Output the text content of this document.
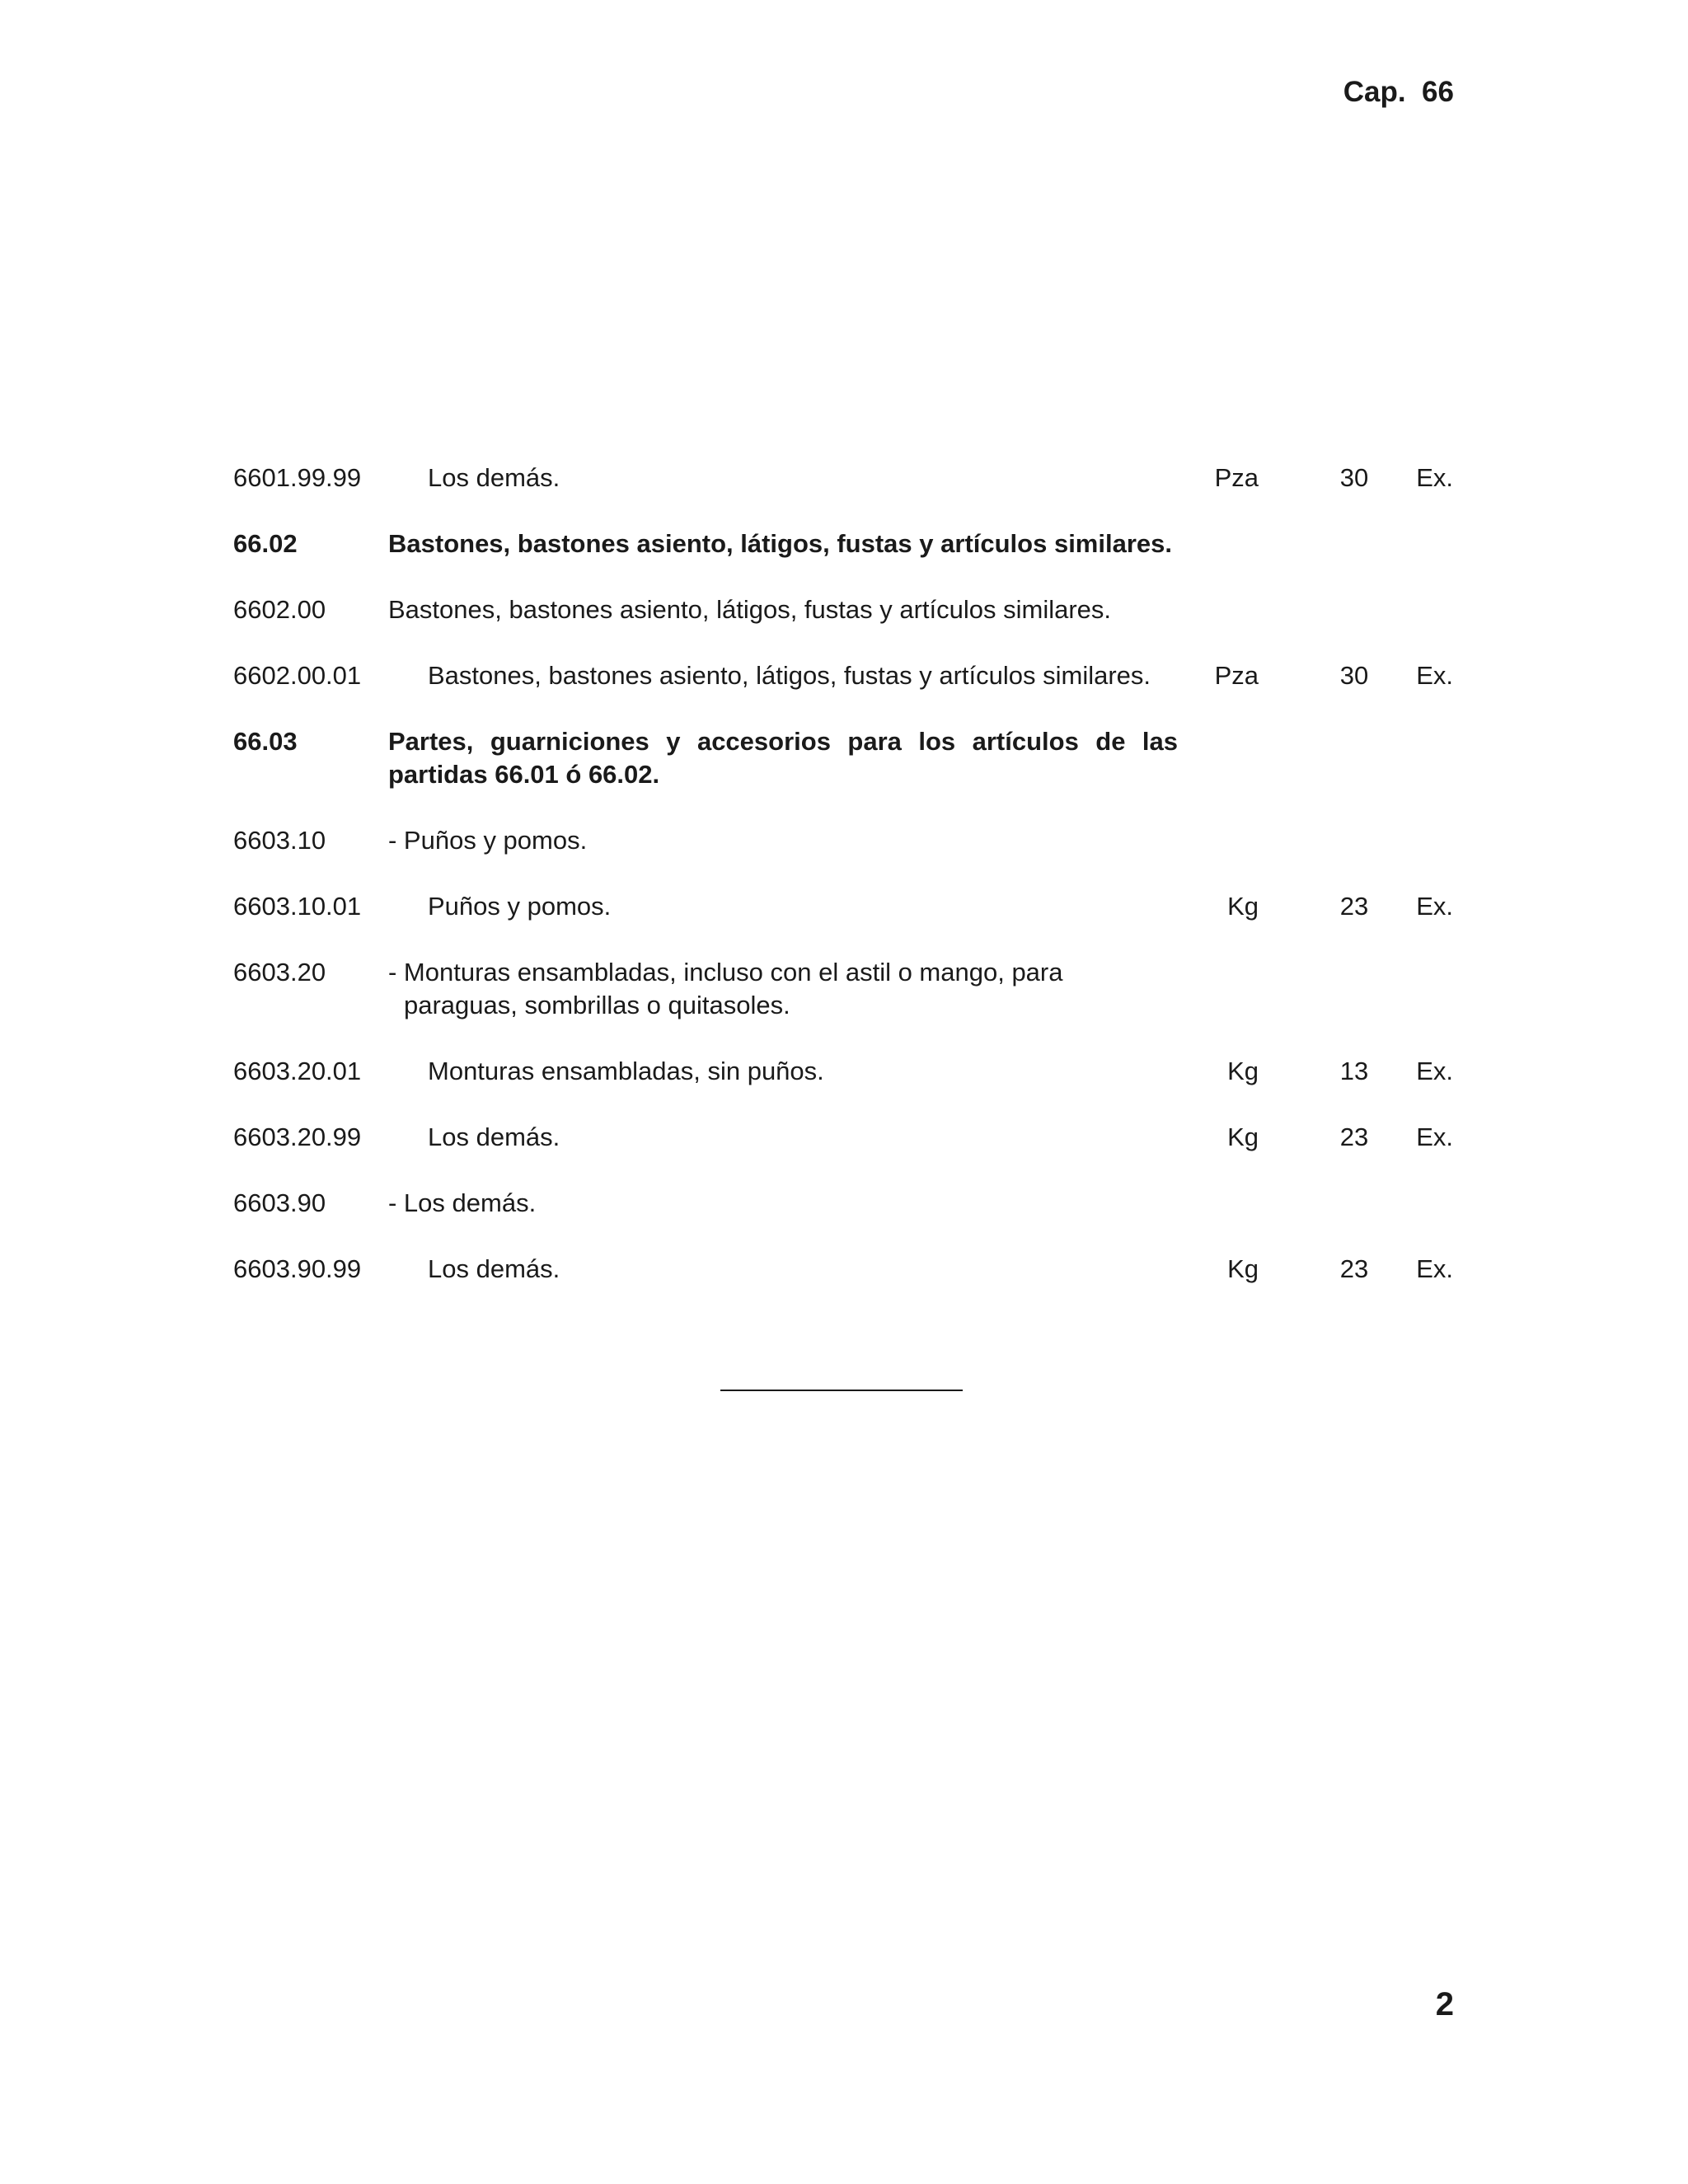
Cap.  66
6601.99.99	Los demás.	Pza	30	Ex.
66.02	Bastones, bastones asiento, látigos, fustas y artículos similares.
6602.00 Bastones, bastones asiento, látigos, fustas y artículos similares.
6602.00.01	Bastones, bastones asiento, látigos, fustas y artículos similares.	Pza	30	Ex.
66.03	Partes, guarniciones y accesorios para los artículos de las partidas 66.01 ó 66.02.
6603.10 - Puños y pomos.
6603.10.01	Puños y pomos.	Kg	23	Ex.
6603.20 - Monturas ensambladas, incluso con el astil o mango, para paraguas, sombrillas o quitasoles.
6603.20.01	Monturas ensambladas, sin puños.	Kg	13	Ex.
6603.20.99	Los demás.	Kg	23	Ex.
6603.90 - Los demás.
6603.90.99	Los demás.	Kg	23	Ex.
2
